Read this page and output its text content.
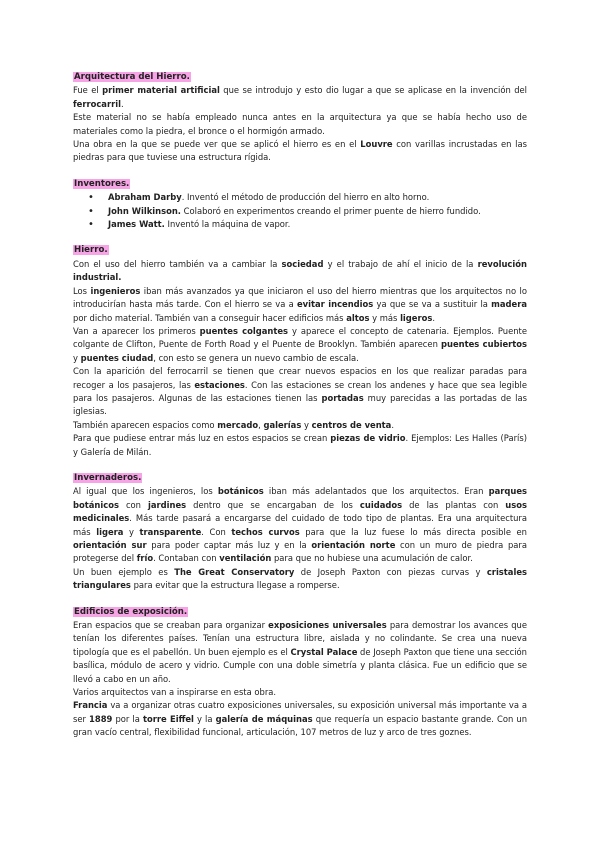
Arquitectura del Hierro.

Fue el primer material artificial que se introdujo y esto dio lugar a que se aplicase en la invención del ferrocarril.

Este material no se había empleado nunca antes en la arquitectura ya que se había hecho uso de materiales como la piedra, el bronce o el hormigón armado.

Una obra en la que se puede ver que se aplicó el hierro es en el Louvre con varillas incrustadas en las piedras para que tuviese una estructura rígida.

Inventores.
• Abraham Darby. Inventó el método de producción del hierro en alto horno.
• John Wilkinson. Colaboró en experimentos creando el primer puente de hierro fundido.
• James Watt. Inventó la máquina de vapor.
Hierro.

Con el uso del hierro también va a cambiar la sociedad y el trabajo de ahí el inicio de la revolución industrial.

Los ingenieros iban más avanzados ya que iniciaron el uso del hierro mientras que los arquitectos no lo introducirían hasta más tarde. Con el hierro se va a evitar incendios ya que se va a sustituir la madera por dicho material. También van a conseguir hacer edificios más altos y más ligeros.

Van a aparecer los primeros puentes colgantes y aparece el concepto de catenaria. Ejemplos. Puente colgante de Clifton, Puente de Forth Road y el Puente de Brooklyn. También aparecen puentes cubiertos y puentes ciudad, con esto se genera un nuevo cambio de escala.

Con la aparición del ferrocarril se tienen que crear nuevos espacios en los que realizar paradas para recoger a los pasajeros, las estaciones. Con las estaciones se crean los andenes y hace que sea legible para los pasajeros. Algunas de las estaciones tienen las portadas muy parecidas a las portadas de las iglesias.

También aparecen espacios como mercado, galerías y centros de venta.

Para que pudiese entrar más luz en estos espacios se crean piezas de vidrio. Ejemplos: Les Halles (París) y Galería de Milán.

Invernaderos.

Al igual que los ingenieros, los botánicos iban más adelantados que los arquitectos. Eran parques botánicos con jardines dentro que se encargaban de los cuidados de las plantas con usos medicinales. Más tarde pasará a encargarse del cuidado de todo tipo de plantas. Era una arquitectura más ligera y transparente. Con techos curvos para que la luz fuese lo más directa posible en orientación sur para poder captar más luz y en la orientación norte con un muro de piedra para protegerse del frío. Contaban con ventilación para que no hubiese una acumulación de calor.

Un buen ejemplo es The Great Conservatory de Joseph Paxton con piezas curvas y cristales triangulares para evitar que la estructura llegase a romperse.

Edificios de exposición.

Eran espacios que se creaban para organizar exposiciones universales para demostrar los avances que tenían los diferentes países. Tenían una estructura libre, aislada y no colindante. Se crea una nueva tipología que es el pabellón. Un buen ejemplo es el Crystal Palace de Joseph Paxton que tiene una sección basílica, módulo de acero y vidrio. Cumple con una doble simetría y planta clásica. Fue un edificio que se llevó a cabo en un año.

Varios arquitectos van a inspirarse en esta obra.

Francia va a organizar otras cuatro exposiciones universales, su exposición universal más importante va a ser 1889 por la torre Eiffel y la galería de máquinas que requería un espacio bastante grande. Con un gran vacío central, flexibilidad funcional, articulación, 107 metros de luz y arco de tres goznes.
